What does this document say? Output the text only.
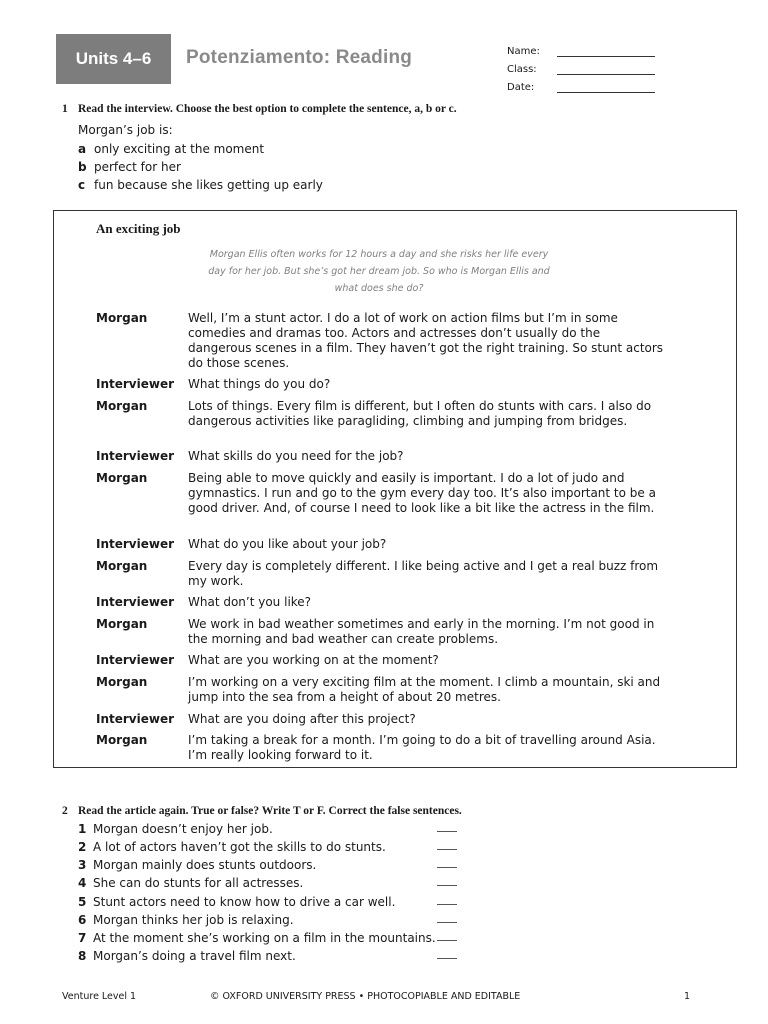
Units 4–6 Potenziamento: Reading	Name:
Class:
Date:
1 Read the interview. Choose the best option to complete the sentence, a, b or c.
Morgan’s job is:
a only exciting at the moment
b perfect for her
c fun because she likes getting up early
An exciting job
Morgan Ellis often works for 12 hours a day and she risks her life every
day for her job. But she’s got her dream job. So who is Morgan Ellis and
what does she do?
Morgan	Well, I’m a stunt actor. I do a lot of work on action films but I’m in some comedies and dramas too. Actors and actresses don’t usually do the dangerous scenes in a film. They haven’t got the right training. So stunt actors do those scenes.
Interviewer What things do you do?
Morgan	Lots of things. Every film is different, but I often do stunts with cars. I also do dangerous activities like paragliding, climbing and jumping from bridges.
Interviewer What skills do you need for the job?
Morgan	Being able to move quickly and easily is important. I do a lot of judo and gymnastics. I run and go to the gym every day too. It’s also important to be a good driver. And, of course I need to look like a bit like the actress in the film.
Interviewer What do you like about your job?
Morgan	Every day is completely different. I like being active and I get a real buzz from my work.
Interviewer What don’t you like?
Morgan	We work in bad weather sometimes and early in the morning. I’m not good in the morning and bad weather can create problems.
Interviewer What are you working on at the moment?
Morgan	I’m working on a very exciting film at the moment. I climb a mountain, ski and jump into the sea from a height of about 20 metres.
Interviewer What are you doing after this project?
Morgan	I’m taking a break for a month. I’m going to do a bit of travelling around Asia. I’m really looking forward to it.
2 Read the article again. True or false? Write T or F. Correct the false sentences.
1 Morgan doesn’t enjoy her job.
2 A lot of actors haven’t got the skills to do stunts.
3 Morgan mainly does stunts outdoors.
4 She can do stunts for all actresses.
5 Stunt actors need to know how to drive a car well.
6 Morgan thinks her job is relaxing.
7 At the moment she’s working on a film in the mountains.
8 Morgan’s doing a travel film next.
Venture Level 1	© OXFORD UNIVERSITY PRESS • PHOTOCOPIABLE AND EDITABLE	1
